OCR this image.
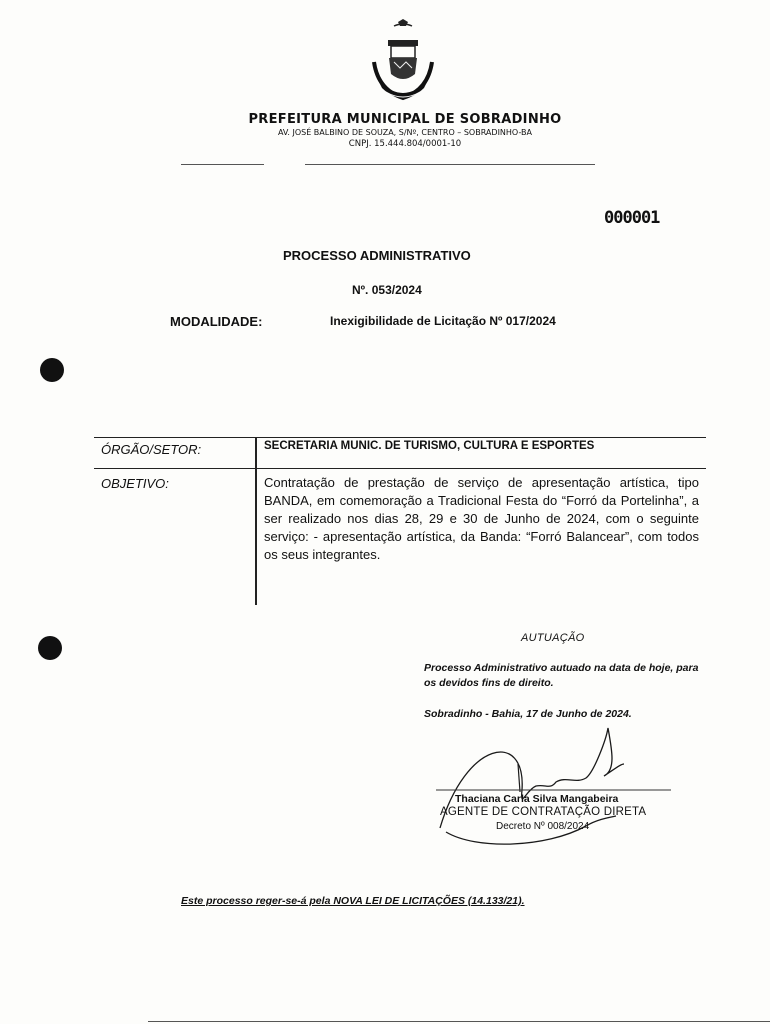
PREFEITURA MUNICIPAL DE SOBRADINHO
AV. JOSÉ BALBINO DE SOUZA, S/Nº, CENTRO – SOBRADINHO-BA
CNPJ. 15.444.804/0001-10
000001
PROCESSO ADMINISTRATIVO
Nº. 053/2024
MODALIDADE:	Inexigibilidade de Licitação Nº 017/2024
ÓRGÃO/SETOR:	SECRETARIA MUNIC. DE TURISMO, CULTURA E ESPORTES
OBJETIVO:	Contratação de prestação de serviço de apresentação artística, tipo BANDA, em comemoração a Tradicional Festa do “Forró da Portelinha”, a ser realizado nos dias 28, 29 e 30 de Junho de 2024, com o seguinte serviço: - apresentação artística, da Banda: “Forró Balancear”, com todos os seus integrantes.
AUTUAÇÃO
Processo Administrativo autuado na data de hoje, para os devidos fins de direito.
Sobradinho - Bahia, 17 de Junho de 2024.
Thaciana Carla Silva Mangabeira
AGENTE DE CONTRATAÇÃO DIRETA
Decreto Nº 008/2024
Este processo reger-se-á pela NOVA LEI DE LICITAÇÕES (14.133/21).
